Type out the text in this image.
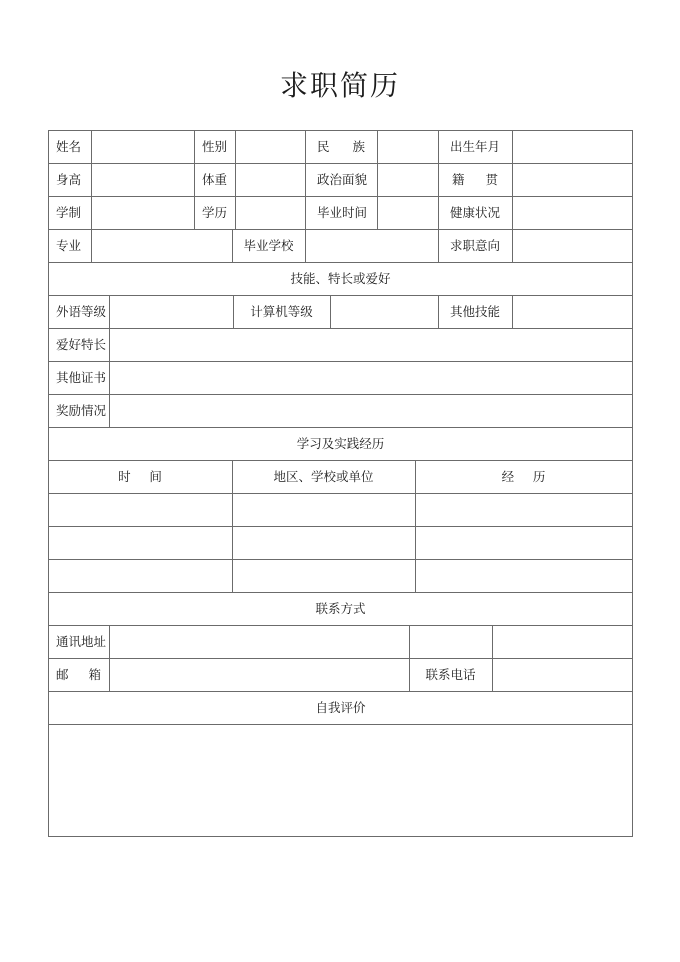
求职简历
姓名	性别	民 族	出生年月
身高	体重	政治面貌	籍 贯
学制	学历	毕业时间	健康状况
专业	毕业学校	求职意向
技能、特长或爱好
外语等级	计算机等级	其他技能
爱好特长
其他证书
奖励情况
学习及实践经历
时   间	地区、学校或单位	经   历
联系方式
通讯地址
邮 箱	联系电话
自我评价
